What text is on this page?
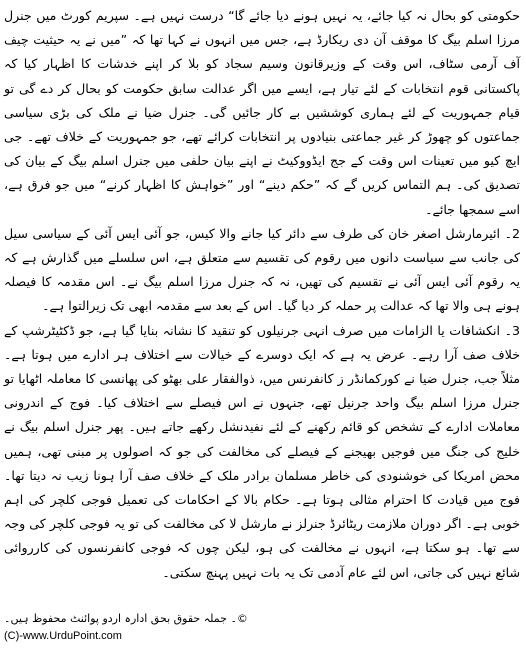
حکومتی کو بحال نہ کیا جائے، یہ نہیں ہونے دیا جائے گا“ درست نہیں ہے۔ سپریم کورٹ میں جنرل مرزا اسلم بیگ کا موقف آن دی ریکارڈ ہے، جس میں انہوں نے کہا تھا کہ ”میں نے یہ حیثیت چیف آف آرمی سٹاف، اس وقت کے وزیرقانون وسیم سجاد کو بلا کر اپنے خدشات کا اظہار کیا کہ پاکستانی قوم انتخابات کے لئے تیار ہے، ایسے میں اگر عدالت سابق حکومت کو بحال کر دے گی تو قیام جمہوریت کے لئے ہماری کوششیں بے کار جائیں گی۔ جنرل ضیا نے ملک کی بڑی سیاسی جماعتوں کو چھوڑ کر غیر جماعتی بنیادوں پر انتخابات کرائے تھے، جو جمہوریت کے خلاف تھے۔ جی ایچ کیو میں تعینات اس وقت کے جج ایڈووکیٹ نے اپنے بیان حلفی میں جنرل اسلم بیگ کے بیان کی تصدیق کی۔ ہم التماس کریں گے کہ ”حکم دینے“ اور ”خواہش کا اظہار کرنے“ میں جو فرق ہے، اسے سمجھا جائے۔

2۔ ائیرمارشل اصغر خان کی طرف سے دائر کیا جانے والا کیس، جو آئی ایس آئی کے سیاسی سیل کی جانب سے سیاست دانوں میں رقوم کی تقسیم سے متعلق ہے، اس سلسلے میں گذارش ہے کہ یہ رقوم آئی ایس آئی نے تقسیم کی تھیں، نہ کہ جنرل مرزا اسلم بیگ نے۔ اس مقدمہ کا فیصلہ ہونے ہی والا تھا کہ عدالت پر حملہ کر دیا گیا۔ اس کے بعد سے مقدمہ ابھی تک زیرالتوا ہے۔

3۔ انکشافات یا الزامات میں صرف انہی جرنیلوں کو تنقید کا نشانہ بنایا گیا ہے، جو ڈکٹیٹرشپ کے خلاف صف آرا رہے۔ عرض یہ ہے کہ ایک دوسرے کے خیالات سے اختلاف ہر ادارے میں ہوتا ہے۔ مثلاً جب، جنرل ضیا نے کورکمانڈر ز کانفرنس میں، ذوالفقار علی بھٹو کی پھانسی کا معاملہ اٹھایا تو جنرل مرزا اسلم بیگ واحد جرنیل تھے، جنہوں نے اس فیصلے سے اختلاف کیا۔ فوج کے اندرونی معاملات ادارے کے تشخص کو قائم رکھنے کے لئے نفیدنشل رکھے جاتے ہیں۔ پھر جنرل اسلم بیگ نے خلیج کی جنگ میں فوجیں بھیجنے کے فیصلے کی مخالفت کی جو کہ اصولوں پر مبنی تھی، ہمیں محض امریکا کی خوشنودی کی خاطر مسلمان برادر ملک کے خلاف صف آرا ہونا زیب نہ دیتا تھا۔ فوج میں قیادت کا احترام مثالی ہوتا ہے۔ حکام بالا کے احکامات کی تعمیل فوجی کلچر کی اہم خوبی ہے۔ اگر دوران ملازمت ریٹائرڈ جنرلز نے مارشل لا کی مخالفت کی تو یہ فوجی کلچر کی وجہ سے تھا۔ ہو سکتا ہے، انہوں نے مخالفت کی ہو، لیکن چوں کہ فوجی کانفرنسوں کی کارروائی شائع نہیں کی جاتی، اس لئے عام آدمی تک یہ بات نہیں پہنچ سکتی۔

©۔ جملہ حقوق بحق ادارہ اردو پوائنٹ محفوظ ہیں۔
(C)-www.UrduPoint.com
